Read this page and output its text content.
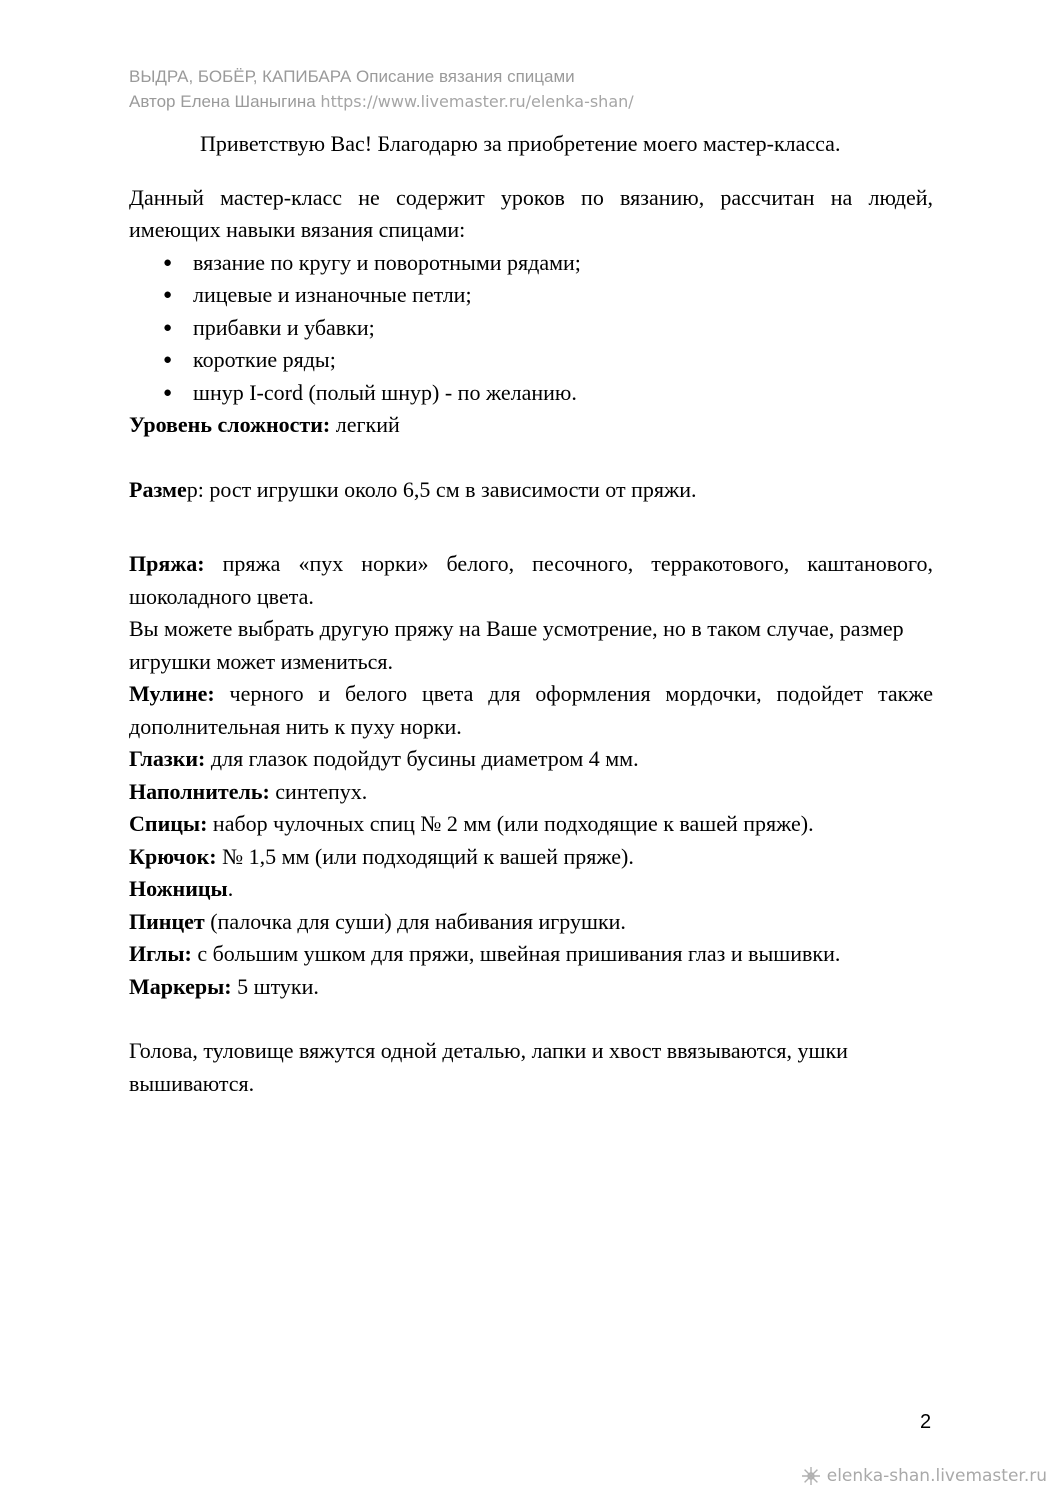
ВЫДРА, БОБЁР, КАПИБАРА Описание вязания спицами
Автор Елена Шаныгина https://www.livemaster.ru/elenka-shan/

Приветствую Вас! Благодарю за приобретение моего мастер-класса.

Данный мастер-класс не содержит уроков по вязанию, рассчитан на людей, имеющих навыки вязания спицами:

● вязание по кругу и поворотными рядами;
● лицевые и изнаночные петли;
● прибавки и убавки;
● короткие ряды;
● шнур I-cord (полый шнур) - по желанию.

Уровень сложности: легкий

Размер: рост игрушки около 6,5 см в зависимости от пряжи.

Пряжа: пряжа «пух норки» белого, песочного, терракотового, каштанового, шоколадного цвета.

Вы можете выбрать другую пряжу на Ваше усмотрение, но в таком случае, размер игрушки может измениться.

Мулине: черного и белого цвета для оформления мордочки, подойдет также дополнительная нить к пуху норки.

Глазки: для глазок подойдут бусины диаметром 4 мм.

Наполнитель: синтепух.

Спицы: набор чулочных спиц № 2 мм (или подходящие к вашей пряже).

Крючок: № 1,5 мм (или подходящий к вашей пряже).

Ножницы.

Пинцет (палочка для суши) для набивания игрушки.

Иглы: с большим ушком для пряжи, швейная пришивания глаз и вышивки.

Маркеры: 5 штуки.

Голова, туловище вяжутся одной деталью, лапки и хвост ввязываются, ушки вышиваются.

2
elenka-shan.livemaster.ru
